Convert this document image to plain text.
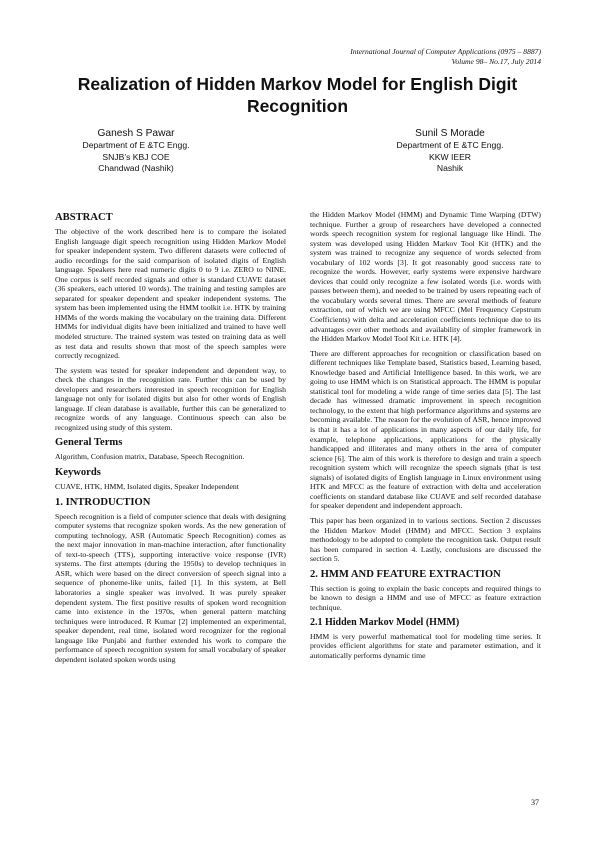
International Journal of Computer Applications (0975 – 8887)
Volume 98– No.17, July 2014
Realization of Hidden Markov Model for English Digit Recognition
Ganesh S Pawar
Department of E &TC Engg.
SNJB’s KBJ COE
Chandwad (Nashik)
Sunil S Morade
Department of E &TC Engg.
KKW IEER
Nashik
ABSTRACT

The objective of the work described here is to compare the isolated English language digit speech recognition using Hidden Markov Model for speaker independent system. Two different datasets were collected of audio recordings for the said comparison of isolated digits of English language. Speakers here read numeric digits 0 to 9 i.e. ZERO to NINE. One corpus is self recorded signals and other is standard CUAVE dataset (36 speakers, each uttered 10 words). The training and testing samples are separated for speaker dependent and speaker independent systems. The system has been implemented using the HMM toolkit i.e. HTK by training HMMs of the words making the vocabulary on the training data. Different HMMs for individual digits have been initialized and trained to have well modeled structure. The trained system was tested on training data as well as test data and results shown that most of the speech samples were correctly recognized.

The system was tested for speaker independent and dependent way, to check the changes in the recognition rate. Further this can be used by developers and researchers interested in speech recognition for English language not only for isolated digits but also for other words of English language. If clean database is available, further this can be generalized to recognize words of any language. Continuous speech can also be recognized using study of this system.

General Terms

Algorithm, Confusion matrix, Database, Speech Recognition.

Keywords

CUAVE, HTK, HMM, Isolated digits, Speaker Independent

1. INTRODUCTION

Speech recognition is a field of computer science that deals with designing computer systems that recognize spoken words. As the new generation of computing technology, ASR (Automatic Speech Recognition) comes as the next major innovation in man-machine interaction, after functionality of text-to-speech (TTS), supporting interactive voice response (IVR) systems. The first attempts (during the 1950s) to develop techniques in ASR, which were based on the direct conversion of speech signal into a sequence of phoneme-like units, failed [1]. In this system, at Bell laboratories a single speaker was involved. It was purely speaker dependent system. The first positive results of spoken word recognition came into existence in the 1970s, when general pattern matching techniques were introduced. R Kumar [2] implemented an experimental, speaker dependent, real time, isolated word recognizer for the regional language like Punjabi and further extended his work to compare the performance of speech recognition system for small vocabulary of speaker dependent isolated spoken words using

the Hidden Markov Model (HMM) and Dynamic Time Warping (DTW) technique. Further a group of researchers have developed a connected words speech recognition system for regional language like Hindi. The system was developed using Hidden Markov Tool Kit (HTK) and the system was trained to recognize any sequence of words selected from vocabulary of 102 words [3]. It got reasonably good success rate to recognize the words. However, early systems were expensive hardware devices that could only recognize a few isolated words (i.e. words with pauses between them), and needed to be trained by users repeating each of the vocabulary words several times. There are several methods of feature extraction, out of which we are using MFCC (Mel Frequency Cepstrum Coefficients) with delta and acceleration coefficients technique due to its advantages over other methods and availability of simpler framework in the Hidden Markov Model Tool Kit i.e. HTK [4].

There are different approaches for recognition or classification based on different techniques like Template based, Statistics based, Learning based, Knowledge based and Artificial Intelligence based. In this work, we are going to use HMM which is on Statistical approach. The HMM is popular statistical tool for modeling a wide range of time series data [5]. The last decade has witnessed dramatic improvement in speech recognition technology, to the extent that high performance algorithms and systems are becoming available. The reason for the evolution of ASR, hence improved is that it has a lot of applications in many aspects of our daily life, for example, telephone applications, applications for the physically handicapped and illiterates and many others in the area of computer science [6]. The aim of this work is therefore to design and train a speech recognition system which will recognize the speech signals (that is test signals) of isolated digits of English language in Linux environment using HTK and MFCC as the feature of extraction with delta and acceleration coefficients on standard database like CUAVE and self recorded database for speaker dependent and independent approach.

This paper has been organized in to various sections. Section 2 discusses the Hidden Markov Model (HMM) and MFCC. Section 3 explains methodology to be adopted to complete the recognition task. Output result has been compared in section 4. Lastly, conclusions are discussed the section 5.

2. HMM AND FEATURE EXTRACTION

This section is going to explain the basic concepts and required things to be known to design a HMM and use of MFCC as feature extraction technique.

2.1 Hidden Markov Model (HMM)

HMM is very powerful mathematical tool for modeling time series. It provides efficient algorithms for state and parameter estimation, and it automatically performs dynamic time

37
